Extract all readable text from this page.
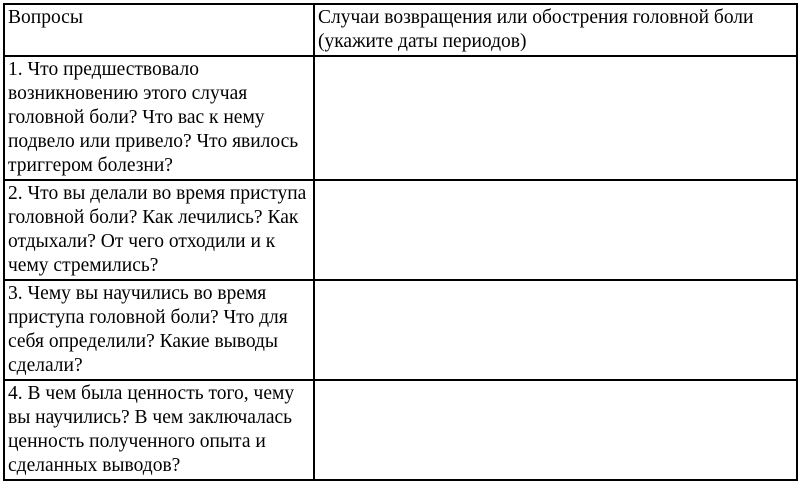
Вопросы	Случаи возвращения или обострения головной боли (укажите даты периодов)
1. Что предшествовало возникновению этого случая головной боли? Что вас к нему подвело или привело? Что явилось триггером болезни?	
2. Что вы делали во время приступа головной боли? Как лечились? Как отдыхали? От чего отходили и к чему стремились?	
3. Чему вы научились во время приступа головной боли? Что для себя определили? Какие выводы сделали?	
4. В чем была ценность того, чему вы научились? В чем заключалась ценность полученного опыта и сделанных выводов?	
